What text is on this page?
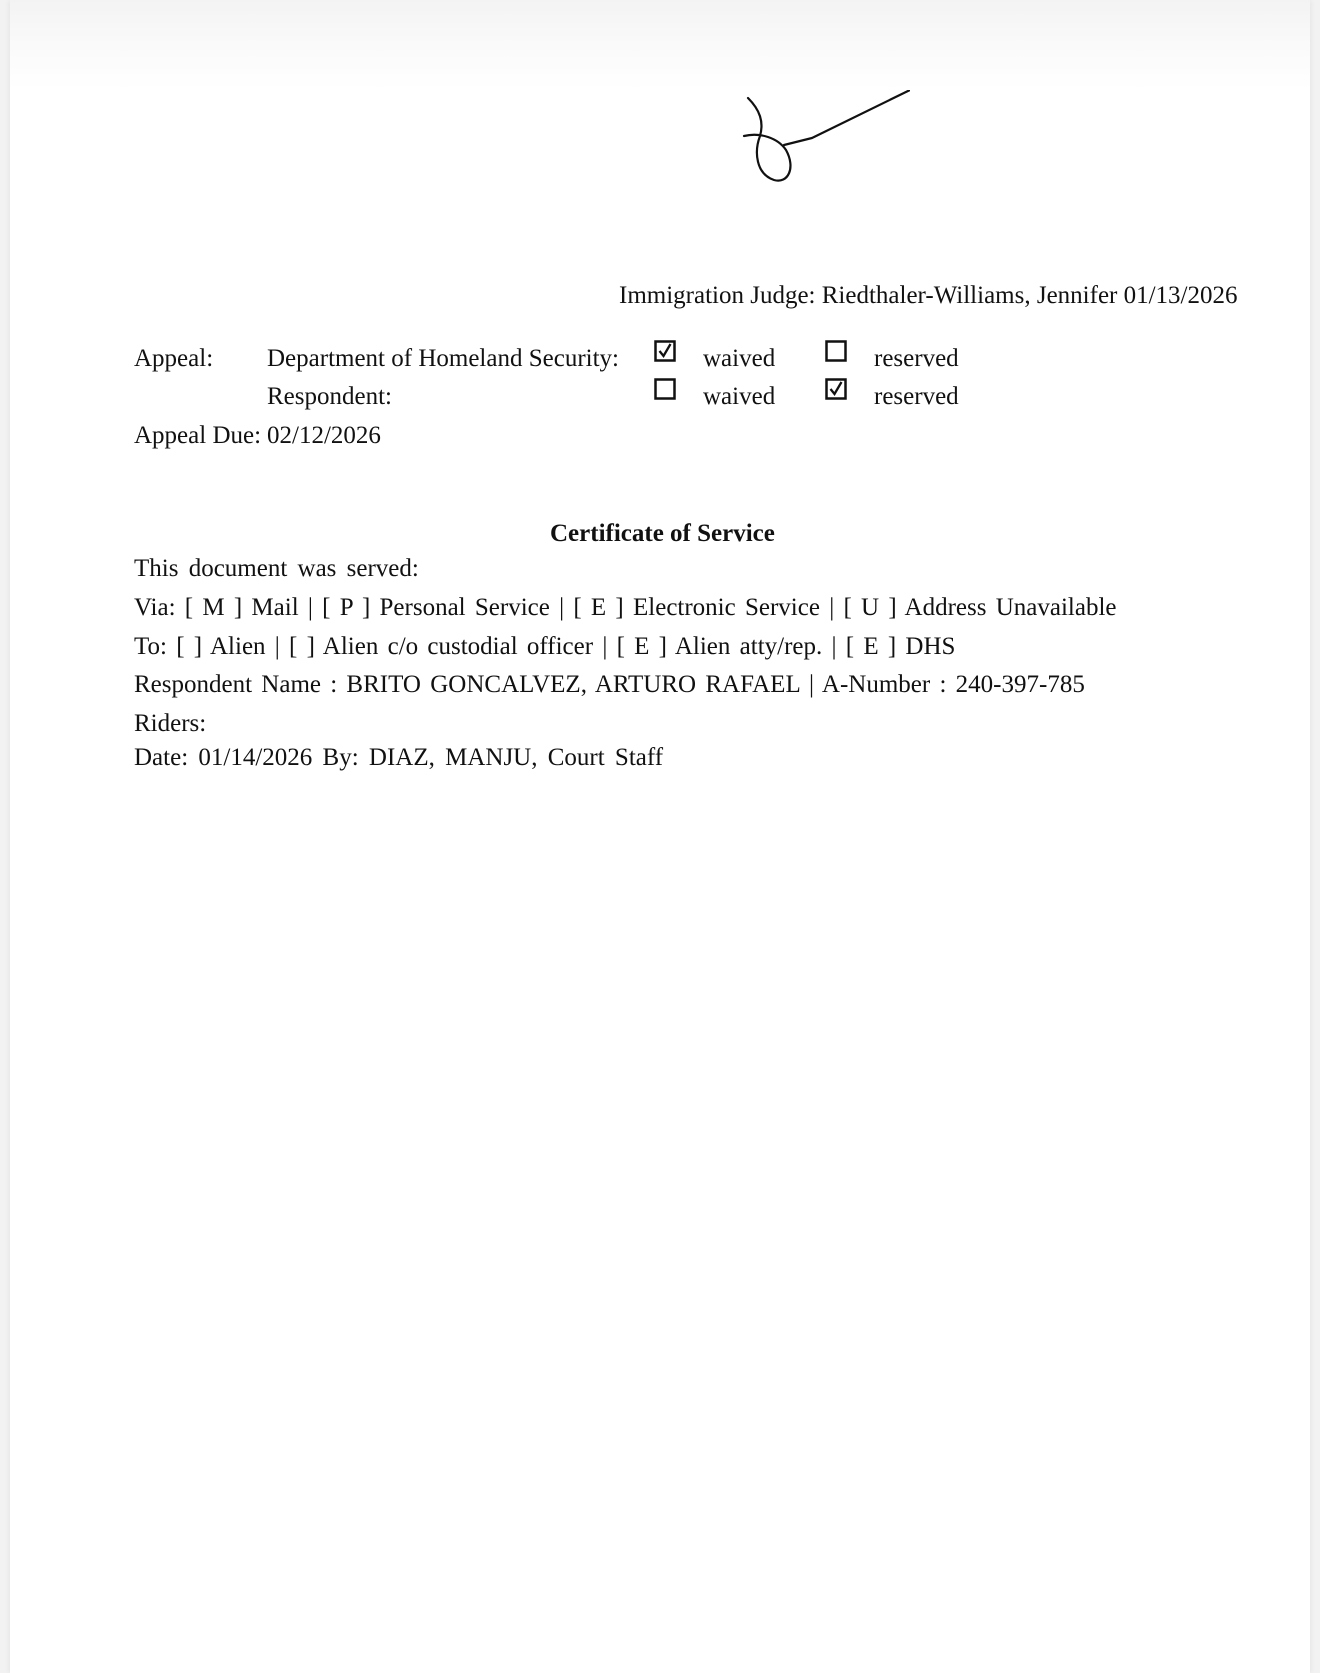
Immigration Judge: Riedthaler-Williams, Jennifer 01/13/2026
Appeal: Department of Homeland Security:
Respondent:
waived	reserved
waived	reserved
Appeal Due: 02/12/2026
Certificate of Service
This document was served:
Via: [ M ] Mail | [ P ] Personal Service | [ E ] Electronic Service | [ U ] Address Unavailable
To: [ ] Alien | [ ] Alien c/o custodial officer | [ E ] Alien atty/rep. | [ E ] DHS
Respondent Name : BRITO GONCALVEZ, ARTURO RAFAEL | A-Number : 240-397-785
Riders:
Date: 01/14/2026 By: DIAZ, MANJU, Court Staff
